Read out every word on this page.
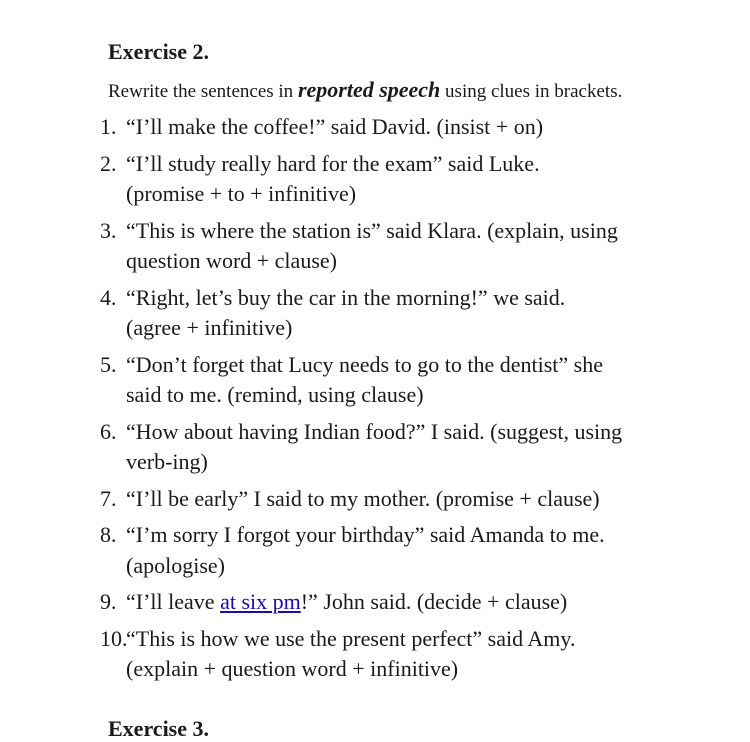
Exercise 2.
Rewrite the sentences in reported speech using clues in brackets.
1. “I’ll make the coffee!” said David. (insist + on)
2. “I’ll study really hard for the exam” said Luke.
(promise + to + infinitive)
3. “This is where the station is” said Klara. (explain, using
question word + clause)
4. “Right, let’s buy the car in the morning!” we said.
(agree + infinitive)
5. “Don’t forget that Lucy needs to go to the dentist” she
said to me. (remind, using clause)
6. “How about having Indian food?” I said. (suggest, using
verb-ing)
7. “I’ll be early” I said to my mother. (promise + clause)
8. “I’m sorry I forgot your birthday” said Amanda to me.
(apologise)
9. “I’ll leave at six pm!” John said. (decide + clause)
10.
“This is how we use the present perfect” said Amy.
(explain + question word + infinitive)
Exercise 3.
